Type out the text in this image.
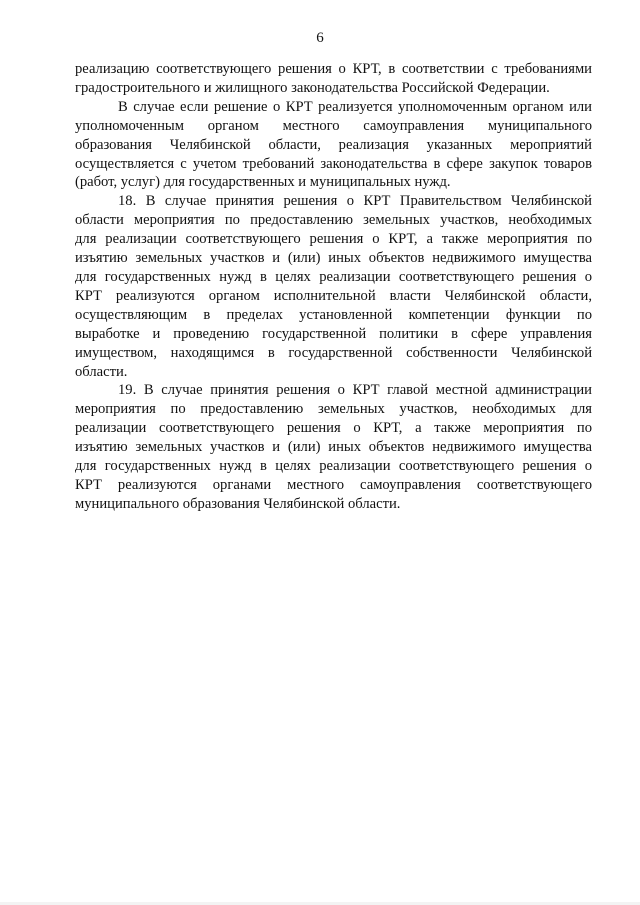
6

реализацию соответствующего решения о КРТ, в соответствии с требованиями
градостроительного и жилищного законодательства Российской Федерации.

В случае если решение о КРТ реализуется уполномоченным органом или
уполномоченным органом местного самоуправления муниципального
образования Челябинской области, реализация указанных мероприятий
осуществляется с учетом требований законодательства в сфере закупок товаров
(работ, услуг) для государственных и муниципальных нужд.

18. В случае принятия решения о КРТ Правительством Челябинской
области мероприятия по предоставлению земельных участков, необходимых
для реализации соответствующего решения о КРТ, а также мероприятия по
изъятию земельных участков и (или) иных объектов недвижимого имущества
для государственных нужд в целях реализации соответствующего решения о
КРТ реализуются органом исполнительной власти Челябинской области,
осуществляющим в пределах установленной компетенции функции по
выработке и проведению государственной политики в сфере управления
имуществом, находящимся в государственной собственности Челябинской
области.

19. В случае принятия решения о КРТ главой местной администрации
мероприятия по предоставлению земельных участков, необходимых для
реализации соответствующего решения о КРТ, а также мероприятия по
изъятию земельных участков и (или) иных объектов недвижимого имущества
для государственных нужд в целях реализации соответствующего решения о
КРТ реализуются органами местного самоуправления соответствующего
муниципального образования Челябинской области.
